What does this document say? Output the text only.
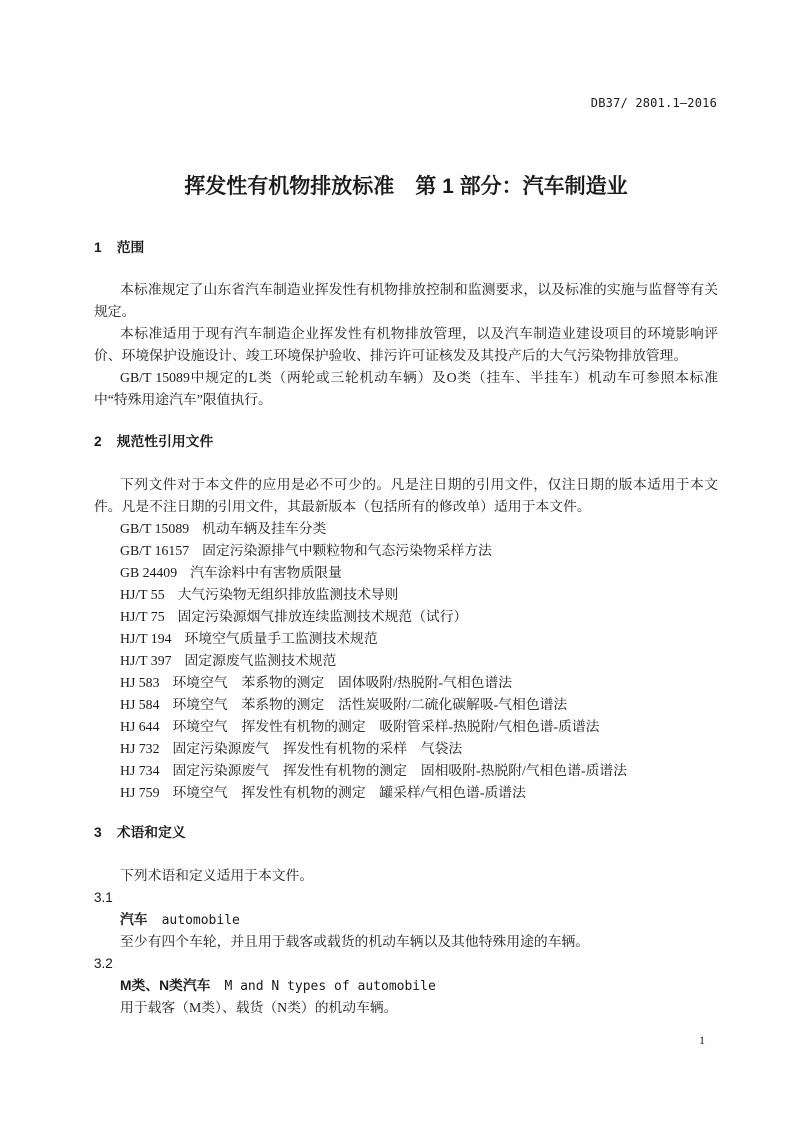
DB37/ 2801.1—2016
挥发性有机物排放标准　第 1 部分：汽车制造业
1 范围

本标准规定了山东省汽车制造业挥发性有机物排放控制和监测要求，以及标准的实施与监督等有关规定。

本标准适用于现有汽车制造企业挥发性有机物排放管理，以及汽车制造业建设项目的环境影响评价、环境保护设施设计、竣工环境保护验收、排污许可证核发及其投产后的大气污染物排放管理。

GB/T 15089中规定的L类（两轮或三轮机动车辆）及O类（挂车、半挂车）机动车可参照本标准中“特殊用途汽车”限值执行。

2 规范性引用文件

下列文件对于本文件的应用是必不可少的。凡是注日期的引用文件，仅注日期的版本适用于本文件。凡是不注日期的引用文件，其最新版本（包括所有的修改单）适用于本文件。

GB/T 15089 机动车辆及挂车分类
GB/T 16157 固定污染源排气中颗粒物和气态污染物采样方法
GB 24409 汽车涂料中有害物质限量
HJ/T 55 大气污染物无组织排放监测技术导则
HJ/T 75 固定污染源烟气排放连续监测技术规范（试行）
HJ/T 194 环境空气质量手工监测技术规范
HJ/T 397 固定源废气监测技术规范
HJ 583 环境空气　苯系物的测定　固体吸附/热脱附-气相色谱法
HJ 584 环境空气　苯系物的测定　活性炭吸附/二硫化碳解吸-气相色谱法
HJ 644 环境空气　挥发性有机物的测定　吸附管采样-热脱附/气相色谱-质谱法
HJ 732 固定污染源废气　挥发性有机物的采样　气袋法
HJ 734 固定污染源废气　挥发性有机物的测定　固相吸附-热脱附/气相色谱-质谱法
HJ 759 环境空气　挥发性有机物的测定　罐采样/气相色谱-质谱法
3 术语和定义

下列术语和定义适用于本文件。

3.1
汽车 automobile

至少有四个车轮，并且用于载客或载货的机动车辆以及其他特殊用途的车辆。

3.2
M类、N类汽车 M and N types of automobile

用于载客（M类）、载货（N类）的机动车辆。

1
